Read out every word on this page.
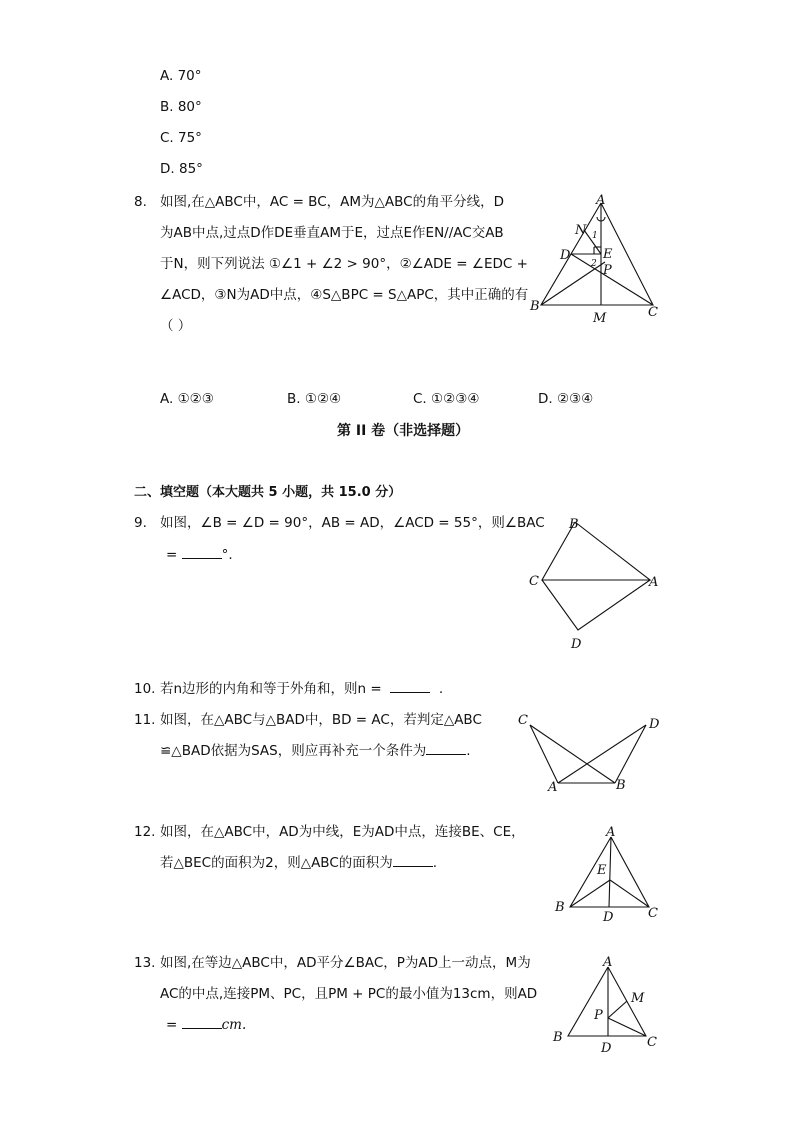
A. 70°
B. 80°
C. 75°
D. 85°
8. 如图,在△ABC中，AC = BC，AM为△ABC的角平分线，D
为AB中点,过点D作DE垂直AM于E，过点E作EN//AC交AB
于N，则下列说法 ①∠1 + ∠2 > 90°，②∠ADE = ∠EDC +
∠ACD，③N为AD中点，④S△BPC = S△APC，其中正确的有
（ ）
A
N 1
D	E
2 P
B	C
M
A. ①②③	B. ①②④	C. ①②③④	D. ②③④
第 II 卷（非选择题）
二、填空题（本大题共 5 小题，共 15.0 分）
9. 如图，∠B = ∠D = 90°，AB = AD，∠ACD = 55°，则∠BAC
=	°.
B
C	A
D
10. 若n边形的内角和等于外角和，则n =	.
11. 如图，在△ABC与△BAD中，BD = AC，若判定△ABC
≌△BAD依据为SAS，则应再补充一个条件为	.
C	D
A	B
12. 如图，在△ABC中，AD为中线，E为AD中点，连接BE、CE，
若△BEC的面积为2，则△ABC的面积为	.
A
E
B
D	C
13. 如图,在等边△ABC中，AD平分∠BAC，P为AD上一动点，M为
AC的中点,连接PM、PC，且PM + PC的最小值为13cm，则AD
=	cm.
A
M
P
B
D	C
